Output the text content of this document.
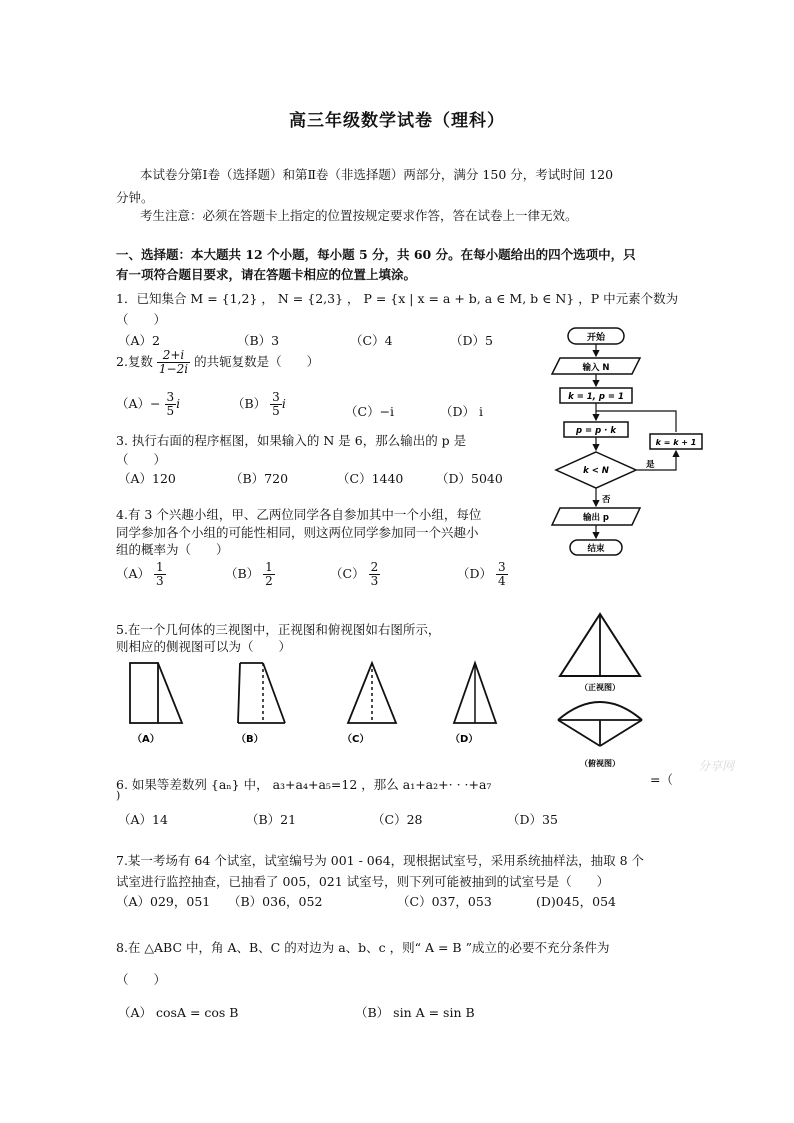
高三年级数学试卷（理科）
本试卷分第Ⅰ卷（选择题）和第Ⅱ卷（非选择题）两部分，满分 150 分，考试时间 120
分钟。
考生注意：必须在答题卡上指定的位置按规定要求作答，答在试卷上一律无效。
一、选择题：本大题共 12 个小题，每小题 5 分，共 60 分。在每小题给出的四个选项中，只
有一项符合题目要求，请在答题卡相应的位置上填涂。
1．已知集合 M = {1,2} ， N = {2,3} ， P = {x | x = a + b, a ∈ M, b ∈ N} ，P 中元素个数为
（　　）
（A）2	（B）3	（C）4	（D）5
2.复数 $\frac{2+i}{1-2i}$ 的共轭复数是（　　）
$(A)- \frac{3}{5}$ i	$(B) \frac{3}{5}$ i
（C）−i	（D） i
3. 执行右面的程序框图，如果输入的 N 是 6，那么输出的 p 是
（　　）
（A）120	（B）720	（C）1440	（D）5040
开始
输入 N
k = 1, p = 1
p = p · k
k = k + 1
k < N
是
否
输出 p
结束
4.有 3 个兴趣小组，甲、乙两位同学各自参加其中一个小组，每位
同学参加各个小组的可能性相同，则这两位同学参加同一个兴趣小
组的概率为（　　）
$(A) \frac{1}{3}$	$(B) \frac{1}{2}$	$(C) \frac{2}{3}$	$(D) \frac{3}{4}$
5.在一个几何体的三视图中，正视图和俯视图如右图所示，
则相应的侧视图可以为（　　）
（A）	（B）	（C）	（D）
（正视图）
（俯视图）	分享网
6. 如果等差数列 {aₙ} 中， a₃+a₄+a₅=12 ，那么 a₁+a₂+· · ·+a₇	=（
)
（A）14	（B）21	（C）28	（D）35
7.某一考场有 64 个试室，试室编号为 001 - 064，现根据试室号，采用系统抽样法，抽取 8 个
试室进行监控抽查，已抽看了 005，021 试室号，则下列可能被抽到的试室号是（　　）
（A）029，051 （B）036，052	（C）037，053	(D)045，054
8.在 △ABC 中，角 A、B、C 的对边为 a、b、c ，则“ A = B ”成立的必要不充分条件为
（　　）
（A） cosA = cos B	（B） sin A = sin B
